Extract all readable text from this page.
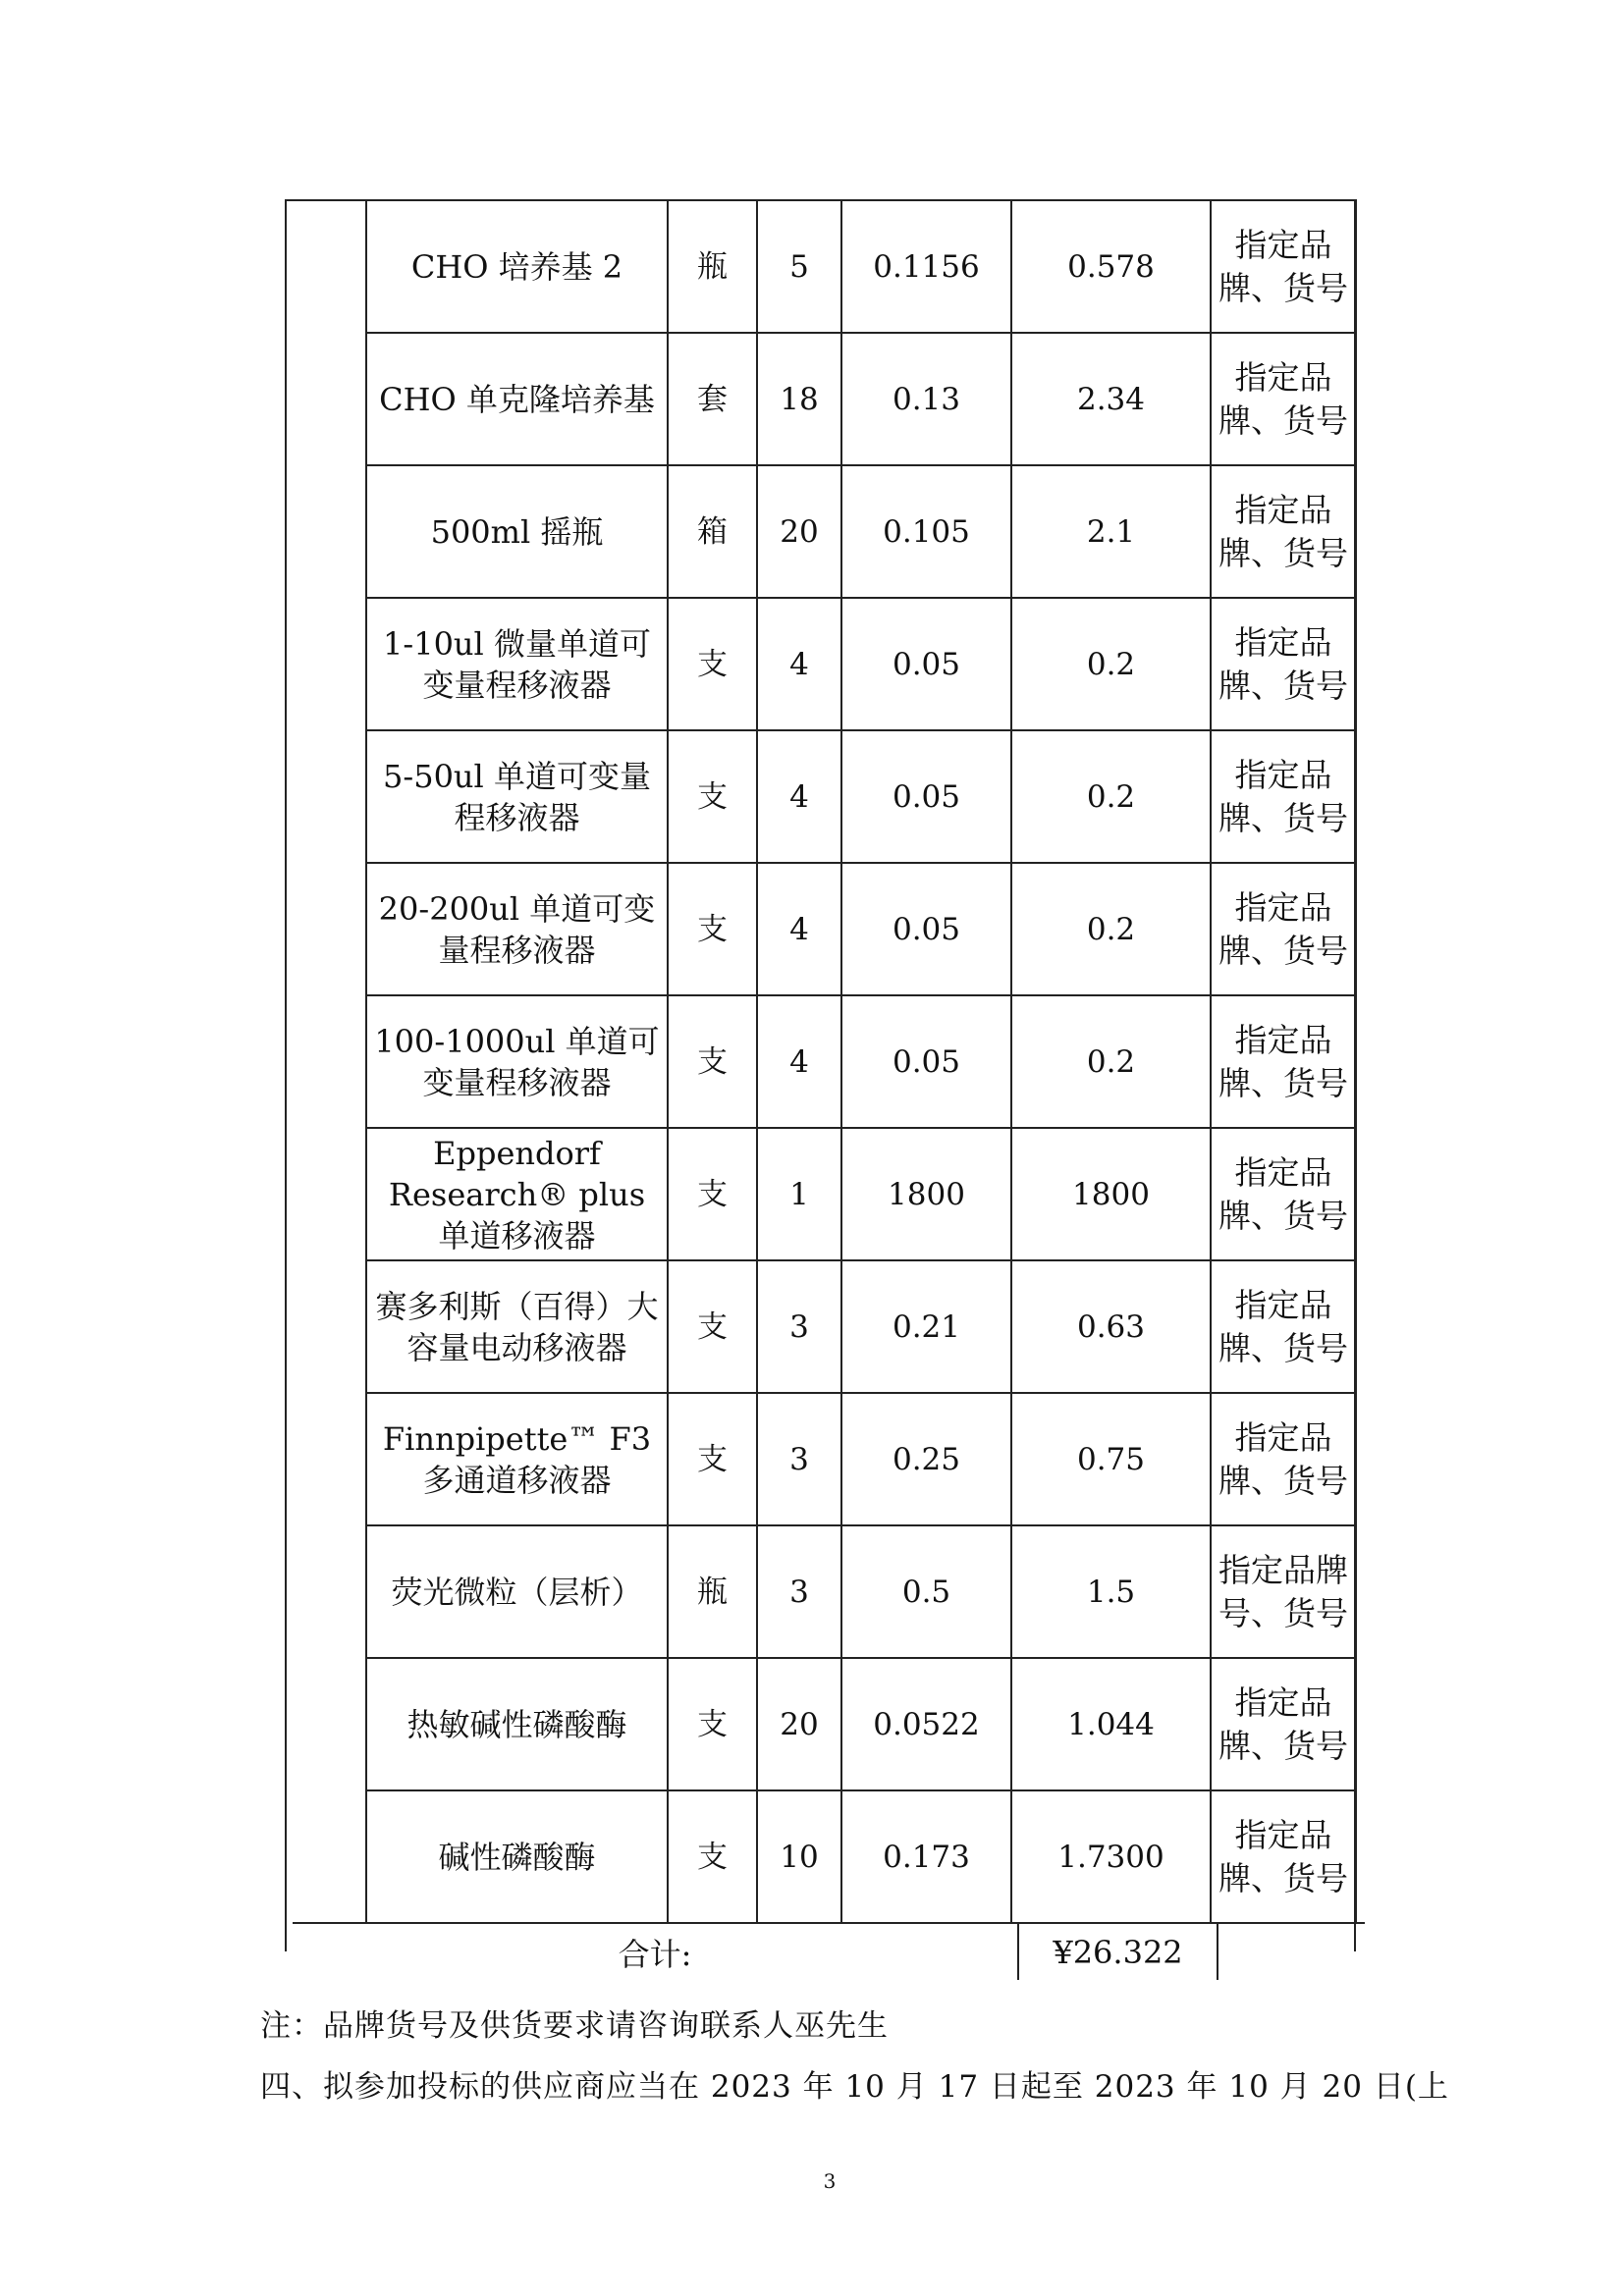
CHO 培养基 2	瓶	5	0.1156	0.578	指定品牌、货号
CHO 单克隆培养基	套	18	0.13	2.34	指定品牌、货号
500ml 摇瓶	箱	20	0.105	2.1	指定品牌、货号
1-10ul 微量单道可变量程移液器	支	4	0.05	0.2	指定品牌、货号
5-50ul 单道可变量程移液器	支	4	0.05	0.2	指定品牌、货号
20-200ul 单道可变量程移液器	支	4	0.05	0.2	指定品牌、货号
100-1000ul 单道可变量程移液器	支	4	0.05	0.2	指定品牌、货号
Eppendorf Research® plus 单道移液器	支	1	1800	1800	指定品牌、货号
赛多利斯（百得）大容量电动移液器	支	3	0.21	0.63	指定品牌、货号
Finnpipette™ F3 多通道移液器	支	3	0.25	0.75	指定品牌、货号
荧光微粒（层析）	瓶	3	0.5	1.5	指定品牌号、货号
热敏碱性磷酸酶	支	20	0.0522	1.044	指定品牌、货号
碱性磷酸酶	支	10	0.173	1.7300	指定品牌、货号
合计:	¥26.322
注：品牌货号及供货要求请咨询联系人巫先生
四、拟参加投标的供应商应当在 2023 年 10 月 17 日起至 2023 年 10 月 20 日(上
3
